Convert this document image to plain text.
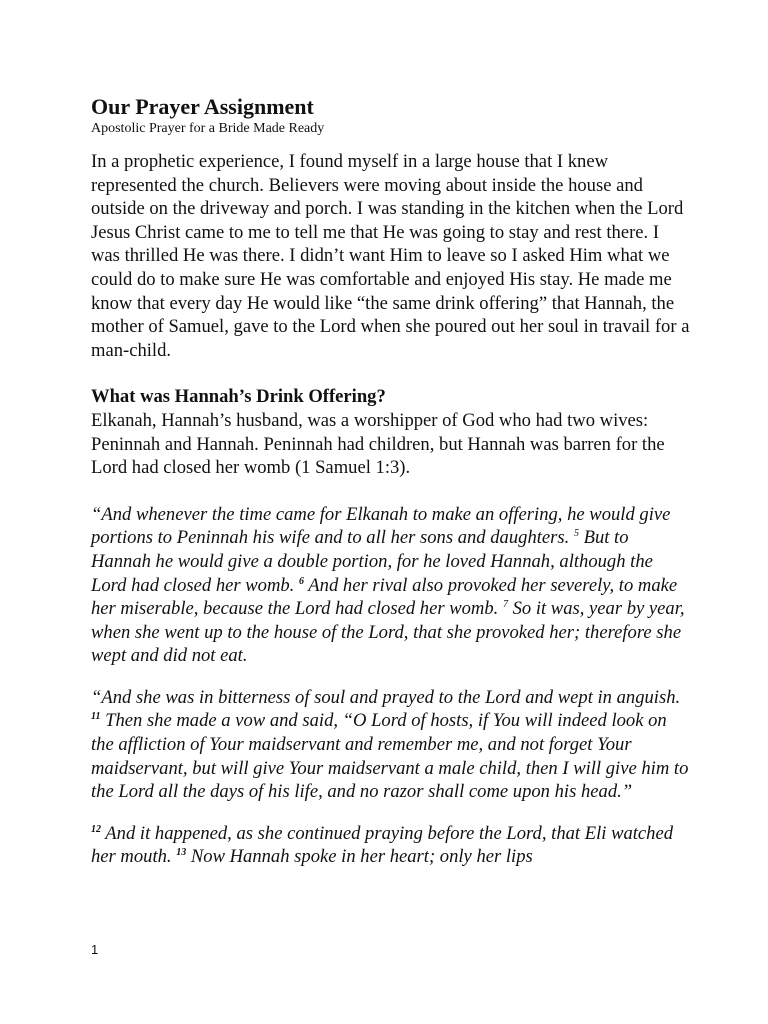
Our Prayer Assignment
Apostolic Prayer for a Bride Made Ready

In a prophetic experience, I found myself in a large house that I knew represented the church. Believers were moving about inside the house and outside on the driveway and porch. I was standing in the kitchen when the Lord Jesus Christ came to me to tell me that He was going to stay and rest there. I was thrilled He was there. I didn’t want Him to leave so I asked Him what we could do to make sure He was comfortable and enjoyed His stay. He made me know that every day He would like “the same drink offering” that Hannah, the mother of Samuel, gave to the Lord when she poured out her soul in travail for a man-child.

What was Hannah’s Drink Offering?

Elkanah, Hannah’s husband, was a worshipper of God who had two wives: Peninnah and Hannah. Peninnah had children, but Hannah was barren for the Lord had closed her womb (1 Samuel 1:3).

“And whenever the time came for Elkanah to make an offering, he would give portions to Peninnah his wife and to all her sons and daughters. $^5$ But to Hannah he would give a double portion, for he loved Hannah, although the Lord had closed her womb. $^6$ And her rival also provoked her severely, to make her miserable, because the Lord had closed her womb. $^7$ So it was, year by year, when she went up to the house of the Lord, that she provoked her; therefore she wept and did not eat.

“And she was in bitterness of soul and prayed to the Lord and wept in anguish. $^{11}$ Then she made a vow and said, “O Lord of hosts, if You will indeed look on the affliction of Your maidservant and remember me, and not forget Your maidservant, but will give Your maidservant a male child, then I will give him to the Lord all the days of his life, and no razor shall come upon his head.”

$^{12}$ And it happened, as she continued praying before the Lord, that Eli watched her mouth. $^{13}$ Now Hannah spoke in her heart; only her lips

1
